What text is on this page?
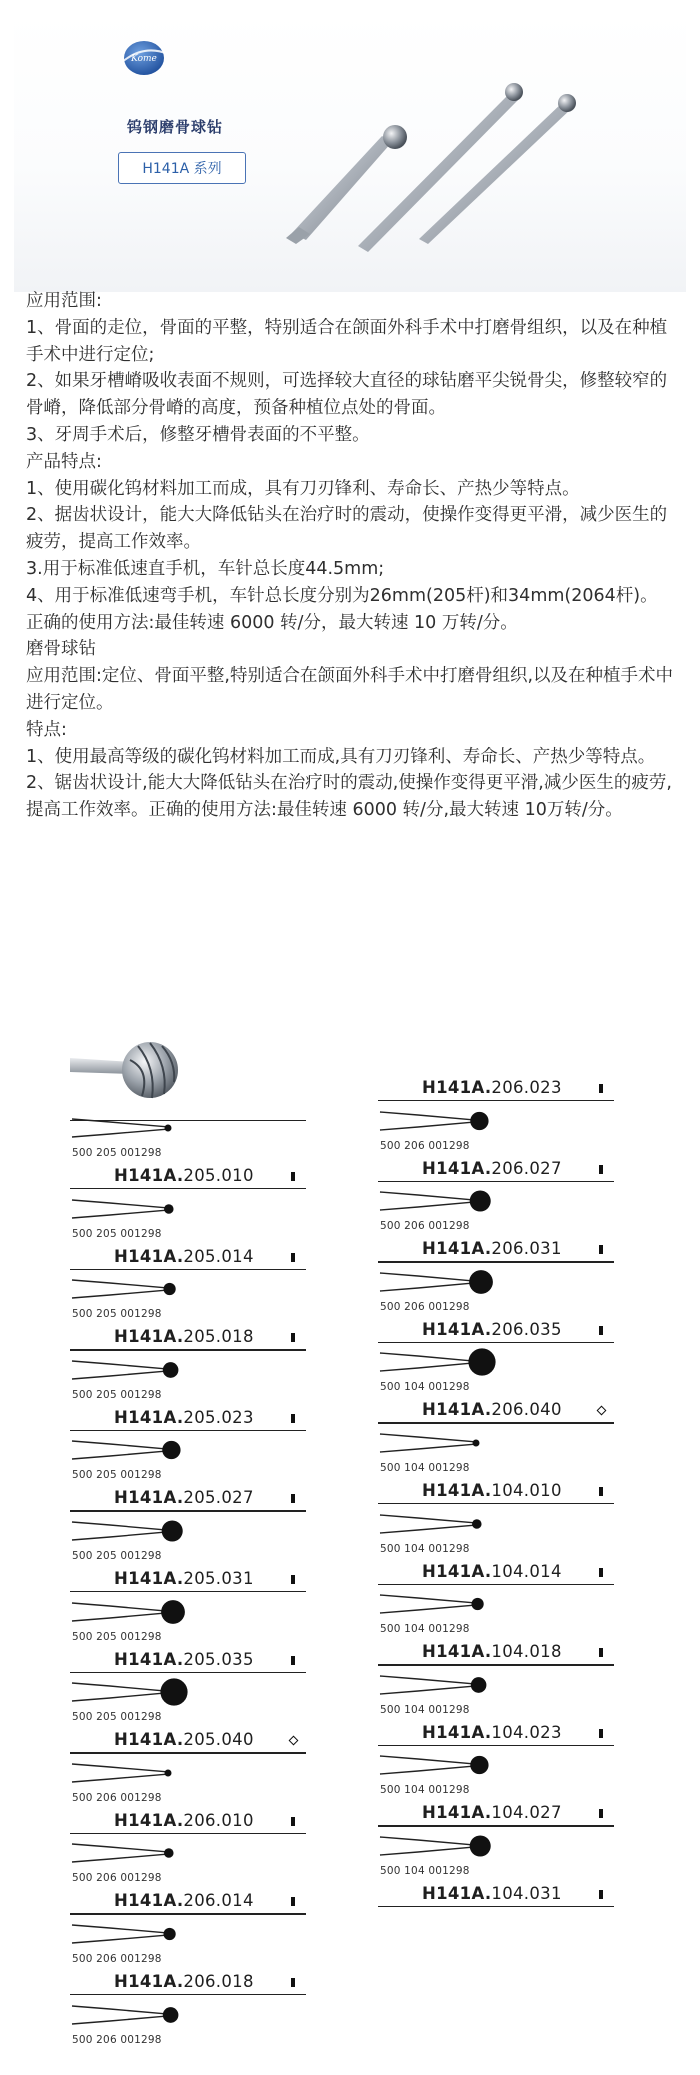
Kome
钨钢磨骨球钻
H141A 系列

应用范围:

1、骨面的走位，骨面的平整，特别适合在颌面外科手术中打磨骨组织，以及在种植手术中进行定位;

2、如果牙槽嵴吸收表面不规则，可选择较大直径的球钻磨平尖锐骨尖，修整较窄的骨嵴，降低部分骨嵴的高度，预备种植位点处的骨面。

3、牙周手术后，修整牙槽骨表面的不平整。

产品特点:

1、使用碳化钨材料加工而成，具有刀刃锋利、寿命长、产热少等特点。

2、据齿状设计，能大大降低钻头在治疗时的震动，使操作变得更平滑，减少医生的疲劳，提高工作效率。

3.用于标准低速直手机，车针总长度44.5mm;

4、用于标准低速弯手机，车针总长度分别为26mm(205杆)和34mm(2064杆)。

正确的使用方法:最佳转速 6000 转/分，最大转速 10 万转/分。

磨骨球钻

应用范围:定位、骨面平整,特别适合在颌面外科手术中打磨骨组织,以及在种植手术中进行定位。

特点:

1、使用最高等级的碳化钨材料加工而成,具有刀刃锋利、寿命长、产热少等特点。

2、锯齿状设计,能大大降低钻头在治疗时的震动,使操作变得更平滑,减少医生的疲劳,提高工作效率。正确的使用方法:最佳转速 6000 转/分,最大转速 10万转/分。

500 205 001298
H141A.205.010
500 205 001298
H141A.205.014
500 205 001298
H141A.205.018
500 205 001298
H141A.205.023
500 205 001298
H141A.205.027
500 205 001298
H141A.205.031
500 205 001298
H141A.205.035
500 205 001298
H141A.205.040
500 206 001298
H141A.206.010
500 206 001298
H141A.206.014
500 206 001298
H141A.206.018
500 206 001298
H141A.206.023
500 206 001298
H141A.206.027
500 206 001298
H141A.206.031
500 206 001298
H141A.206.035
500 104 001298
H141A.206.040
500 104 001298
H141A.104.010
500 104 001298
H141A.104.014
500 104 001298
H141A.104.018
500 104 001298
H141A.104.023
500 104 001298
H141A.104.027
500 104 001298
H141A.104.031
